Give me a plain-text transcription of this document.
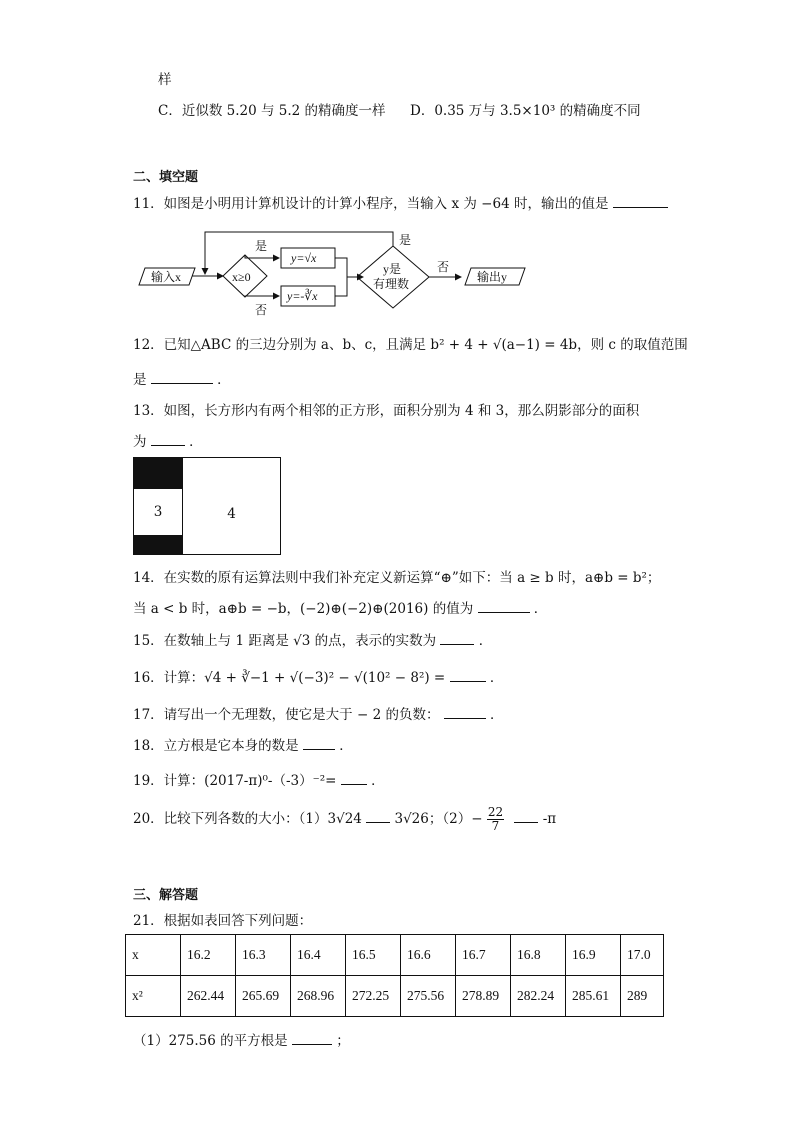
样
C．近似数 5.20 与 5.2 的精确度一样 D．0.35 万与 3.5×10³ 的精确度不同
二、填空题
11．如图是小明用计算机设计的计算小程序，当输入 x 为 −64 时，输出的值是
输入x	x≥0
是
y=√x
否
y=-∛x
y是
有理数
是
否
输出y
12．已知△ABC 的三边分别为 a、b、c，且满足 b² + 4 + √(a−1) = 4b，则 c 的取值范围
是	．
13．如图，长方形内有两个相邻的正方形，面积分别为 4 和 3，那么阴影部分的面积
为	．
3	4
14．在实数的原有运算法则中我们补充定义新运算“⊕”如下：当 a ≥ b 时，a⊕b = b²；
当 a < b 时，a⊕b = −b，(−2)⊕(−2)⊕(2016) 的值为	．
15．在数轴上与 1 距离是 √3 的点，表示的实数为	．
16．计算：√4 + ∛−1 + √(−3)² − √(10² − 8²) =	．
17．请写出一个无理数，使它是大于 − 2 的负数：	．
18．立方根是它本身的数是	．
19．计算：(2017-π)⁰-（-3）⁻²=	．
20．比较下列各数的大小：（1）3√24 3√26；$(2)- \frac{22}{7}$	-π
三、解答题
21．根据如表回答下列问题：
x	16.2	16.3	16.4	16.5	16.6	16.7	16.8	16.9	17.0
x²	262.44	265.69	268.96	272.25	275.56	278.89	282.24	285.61	289
（1）275.56 的平方根是	；
